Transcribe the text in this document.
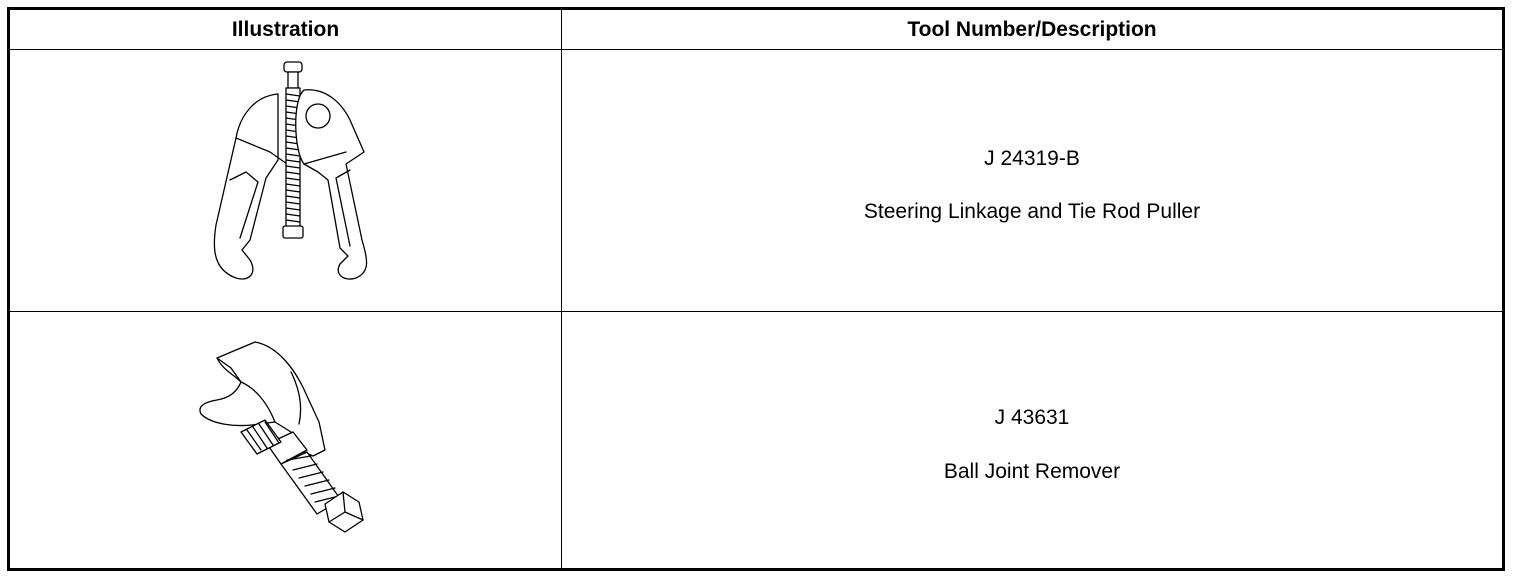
Illustration	Tool Number/Description
J 24319-B
Steering Linkage and Tie Rod Puller
J 43631
Ball Joint Remover
